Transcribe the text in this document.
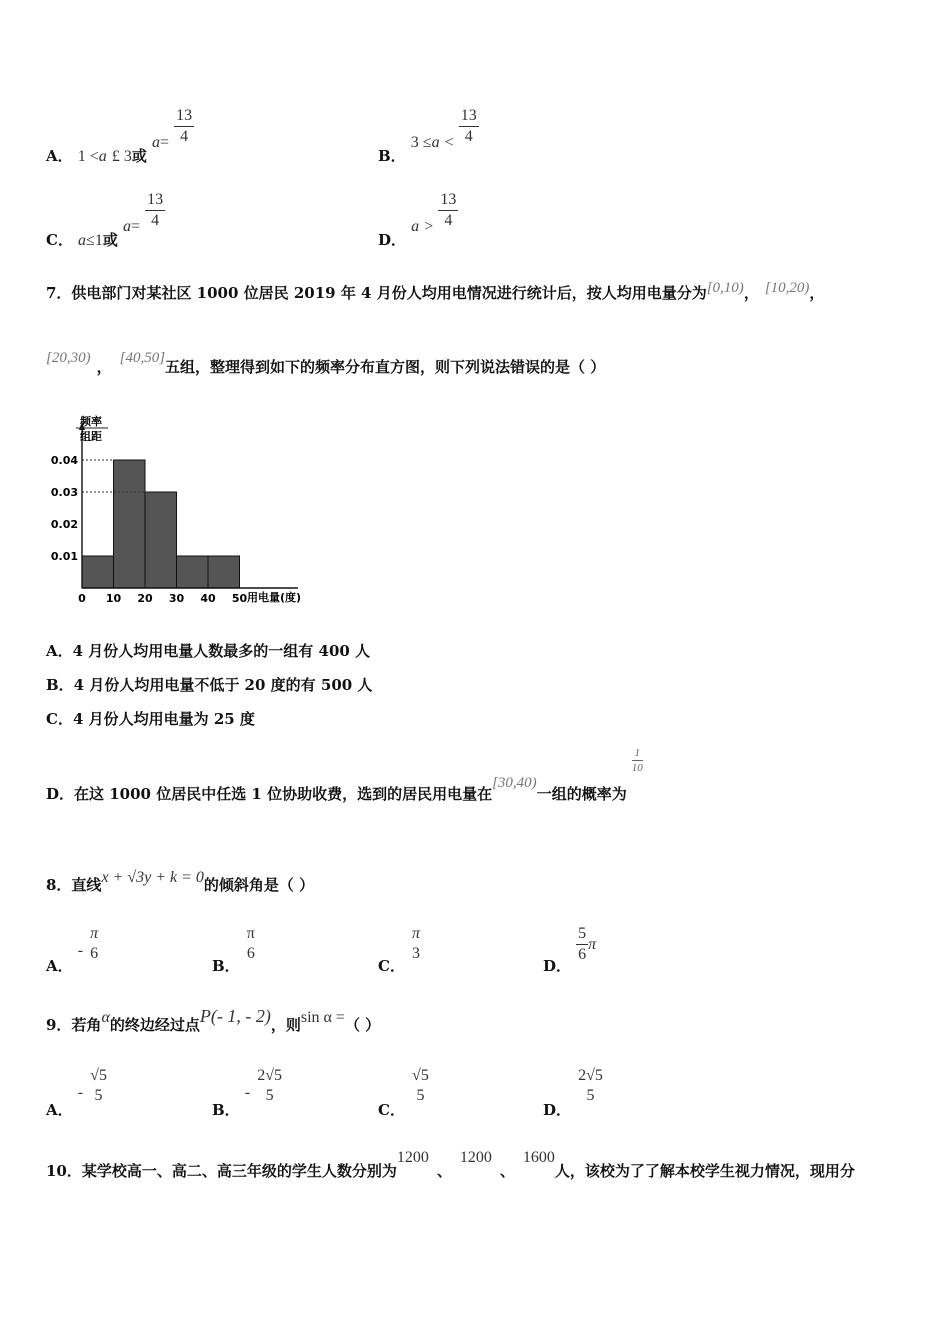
A． 1 <a £ 3或 $a= \frac{13}{4}$
B． $3 \le a < \frac{13}{4}$
C． a≤1或 $a= \frac{13}{4}$
D． $a > \frac{13}{4}$
7．供电部门对某社区 1000 位居民 2019 年 4 月份人均用电情况进行统计后，按人均用电量分为[0,10)， [10,20)，
[20,30) ， [40,50]五组，整理得到如下的频率分布直方图，则下列说法错误的是（ ）
0.01
0.02
0.03
0.04
0 10 20 30 40 50
频率
组距
用电量(度)
A．4 月份人均用电量人数最多的一组有 400 人
B．4 月份人均用电量不低于 20 度的有 500 人
C．4 月份人均用电量为 25 度
D．在这 1000 位居民中任选 1 位协助收费，选到的居民用电量在[30,40)一组的概率为
$\frac{1}{10}$
8．直线x + √3y + k = 0的倾斜角是（ ）
A． -
π
6
B．
π
6
C．
π
3
D．
$\frac{5}{6}$ π
9．若角α的终边经过点P(- 1, - 2)，则sin α =（ ）
A． -
√5
5
B． -
2√5
5
C．
√5
5
D．
2√5
5
10．某学校高一、高二、高三年级的学生人数分别为1200、1200、1600人，该校为了了解本校学生视力情况，现用分
